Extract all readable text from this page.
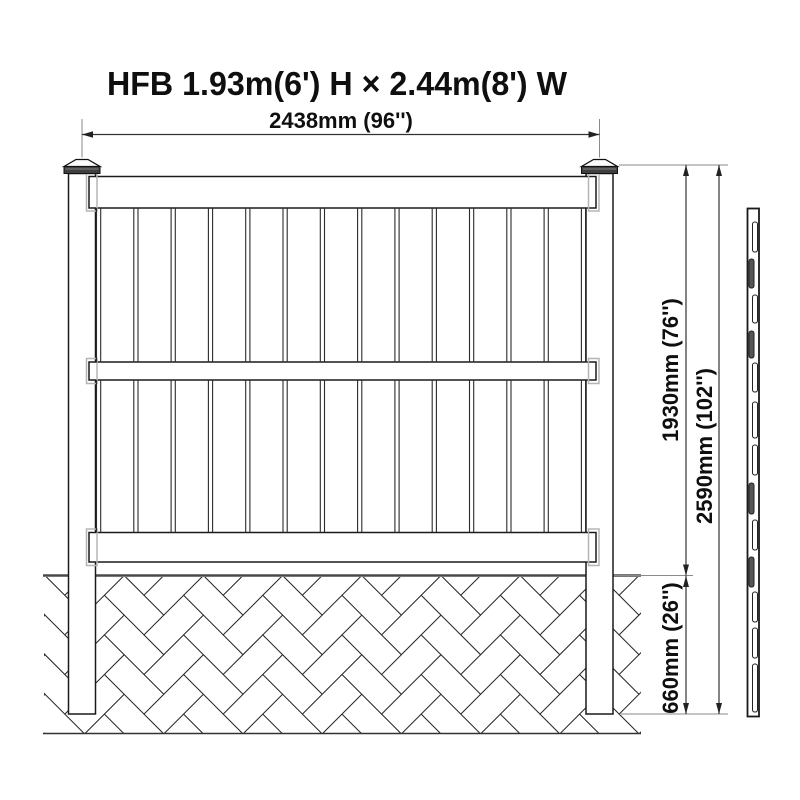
HFB 1.93m(6') H × 2.44m(8') W
2438mm (96'')
1930mm (76'') 2590mm (102'')
660mm (26'')
